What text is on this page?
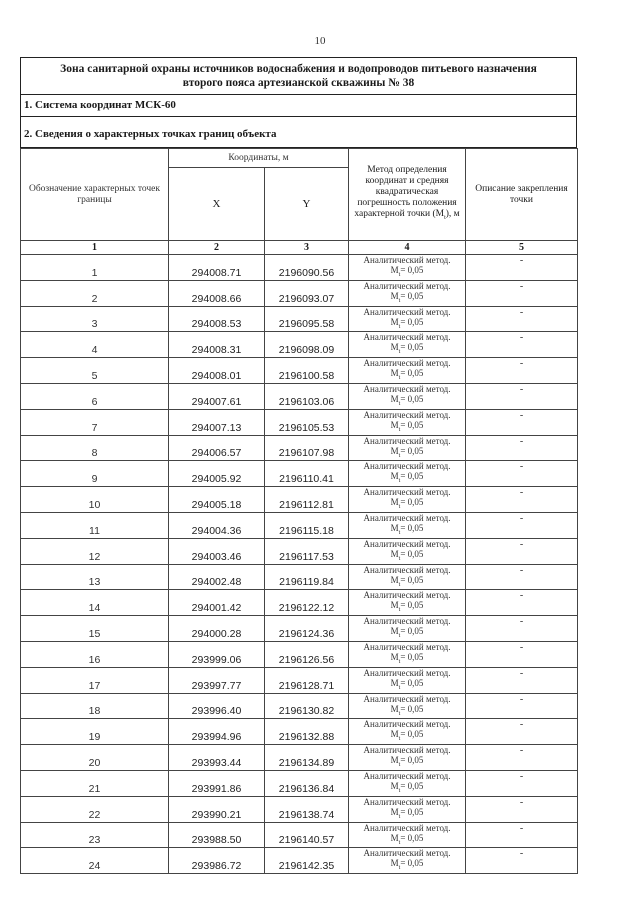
10
Зона санитарной охраны источников водоснабжения и водопроводов питьевого назначения
второго пояса артезианской скважины № 38
1. Система координат МСК-60
2. Сведения о характерных точках границ объекта
Обозначение характерных точек границы	Координаты, м		Метод определения координат и средняя квадратическая погрешность положения характерной точки $(M_t)$, м	Описание закрепления точки
	X	Y		
1	2	3	4	5
1	294008.71	2196090.56	Аналитический метод.
$M_t= 0,05$	-
2	294008.66	2196093.07	Аналитический метод.
$M_t= 0,05$	-
3	294008.53	2196095.58	Аналитический метод.
$M_t= 0,05$	-
4	294008.31	2196098.09	Аналитический метод.
$M_t= 0,05$	-
5	294008.01	2196100.58	Аналитический метод.
$M_t= 0,05$	-
6	294007.61	2196103.06	Аналитический метод.
$M_t= 0,05$	-
7	294007.13	2196105.53	Аналитический метод.
$M_t= 0,05$	-
8	294006.57	2196107.98	Аналитический метод.
$M_t= 0,05$	-
9	294005.92	2196110.41	Аналитический метод.
$M_t= 0,05$	-
10	294005.18	2196112.81	Аналитический метод.
$M_t= 0,05$	-
11	294004.36	2196115.18	Аналитический метод.
$M_t= 0,05$	-
12	294003.46	2196117.53	Аналитический метод.
$M_t= 0,05$	-
13	294002.48	2196119.84	Аналитический метод.
$M_t= 0,05$	-
14	294001.42	2196122.12	Аналитический метод.
$M_t= 0,05$	-
15	294000.28	2196124.36	Аналитический метод.
$M_t= 0,05$	-
16	293999.06	2196126.56	Аналитический метод.
$M_t= 0,05$	-
17	293997.77	2196128.71	Аналитический метод.
$M_t= 0,05$	-
18	293996.40	2196130.82	Аналитический метод.
$M_t= 0,05$	-
19	293994.96	2196132.88	Аналитический метод.
$M_t= 0,05$	-
20	293993.44	2196134.89	Аналитический метод.
$M_t= 0,05$	-
21	293991.86	2196136.84	Аналитический метод.
$M_t= 0,05$	-
22	293990.21	2196138.74	Аналитический метод.
$M_t= 0,05$	-
23	293988.50	2196140.57	Аналитический метод.
$M_t= 0,05$	-
24	293986.72	2196142.35	Аналитический метод.
$M_t= 0,05$	-
